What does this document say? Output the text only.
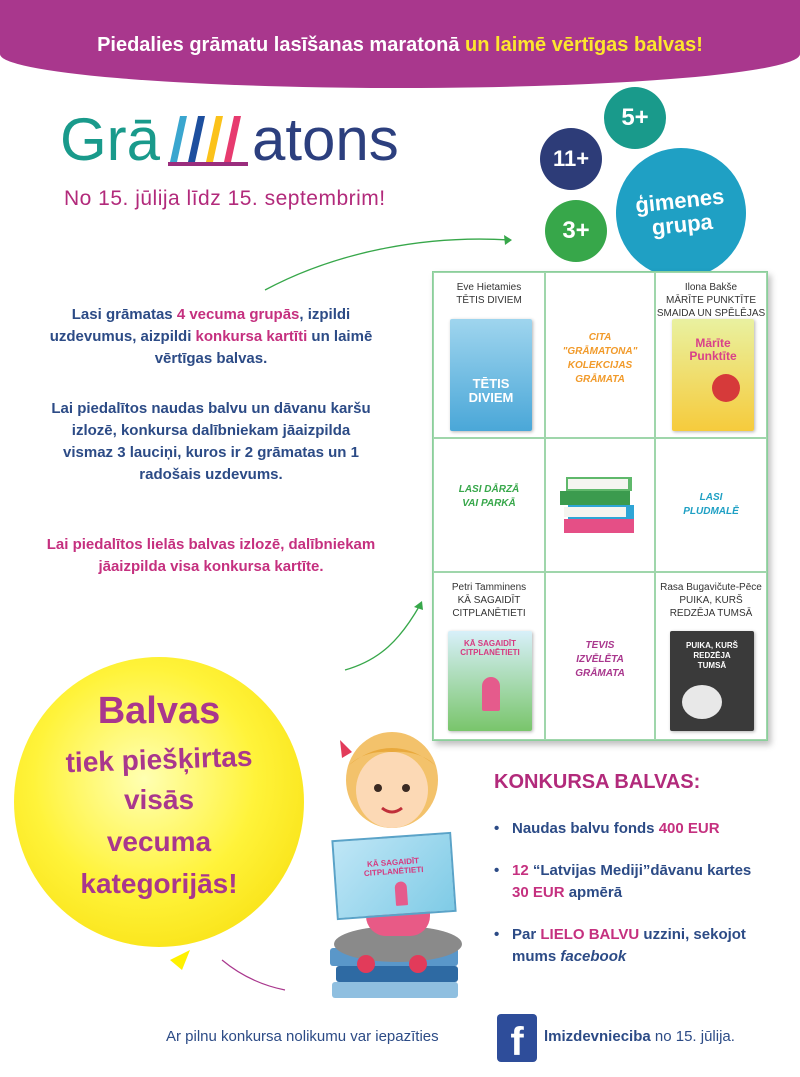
Piedalies grāmatu lasīšanas maratonā un laimē vērtīgas balvas!
Grā atons
No 15. jūlija līdz 15. septembrim!
5+
11+
3+
ģimenes
grupa
Lasi grāmatas 4 vecuma grupās, izpildi uzdevumus, aizpildi konkursa kartīti un laimē vērtīgas balvas.
Lai piedalītos naudas balvu un dāvanu karšu izlozē, konkursa dalībniekam jāaizpilda vismaz 3 lauciņi, kuros ir 2 grāmatas un 1 radošais uzdevums.
Lai piedalītos lielās balvas izlozē, dalībniekam jāaizpilda visa konkursa kartīte.
Eve Hietamies
TĒTIS DIVIEM
TĒTIS DIVIEM
CITA "GRĀMATONA" KOLEKCIJAS GRĀMATA
Ilona Bakše
MĀRĪTE PUNKTĪTE SMAIDA UN SPĒLĒJAS
Mārīte Punktīte
LASI DĀRZĀ VAI PARKĀ
LASI PLUDMALĒ
Petri Tamminens
KĀ SAGAIDĪT CITPLANĒTIETI
KĀ SAGAIDĪT CITPLANĒTIETI
TEVIS IZVĒLĒTA GRĀMATA
Rasa Bugavičute-Pēce
PUIKA, KURŠ REDZĒJA TUMSĀ
PUIKA, KURŠ REDZĒJA TUMSĀ
Balvas
tiek piešķirtas
visās
vecuma
kategorijās!
KĀ SAGAIDĪT CITPLANĒTIETI
KONKURSA BALVAS:
• Naudas balvu fonds 400 EUR
• 12 “Latvijas Mediji”dāvanu kartes 30 EUR apmērā
• Par LIELO BALVU uzzini, sekojot mums facebook
Ar pilnu konkursa nolikumu var iepazīties	f	lmizdevnieciba no 15. jūlija.
